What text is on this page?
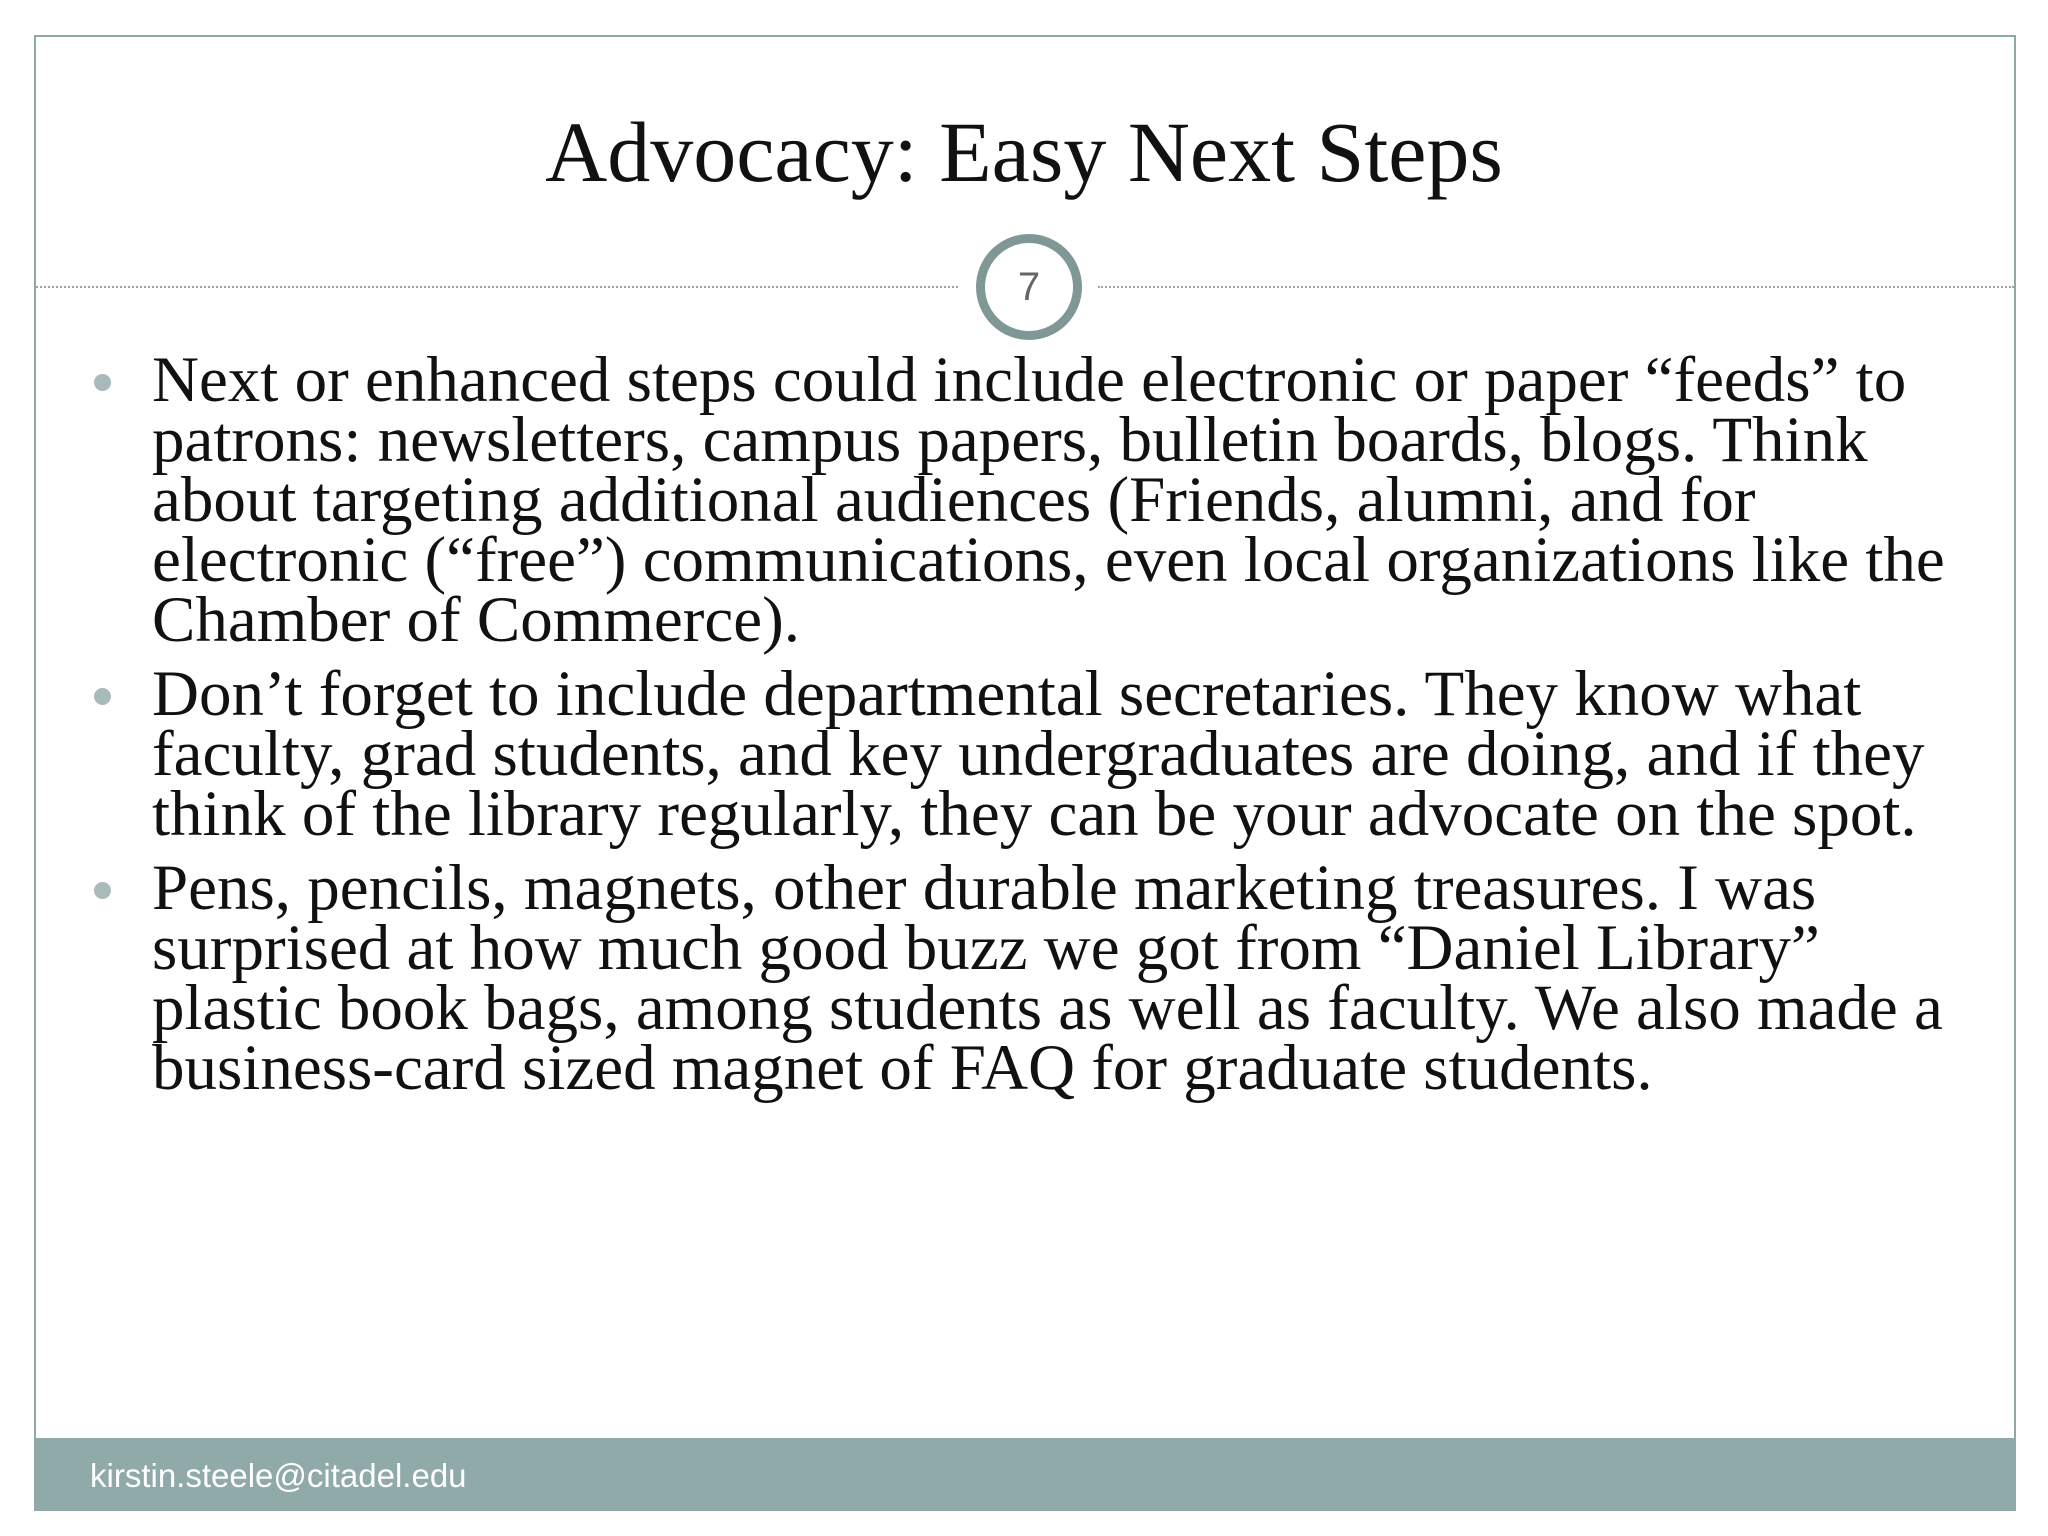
Advocacy: Easy Next Steps
7
Next or enhanced steps could include electronic or paper “feeds” to patrons: newsletters, campus papers, bulletin boards, blogs. Think about targeting additional audiences (Friends, alumni, and for electronic (“free”) communications, even local organizations like the Chamber of Commerce).
Don’t forget to include departmental secretaries. They know what faculty, grad students, and key undergraduates are doing, and if they think of the library regularly, they can be your advocate on the spot.
Pens, pencils, magnets, other durable marketing treasures. I was surprised at how much good buzz we got from “Daniel Library” plastic book bags, among students as well as faculty. We also made a business-card sized magnet of FAQ for graduate students.
kirstin.steele@citadel.edu
